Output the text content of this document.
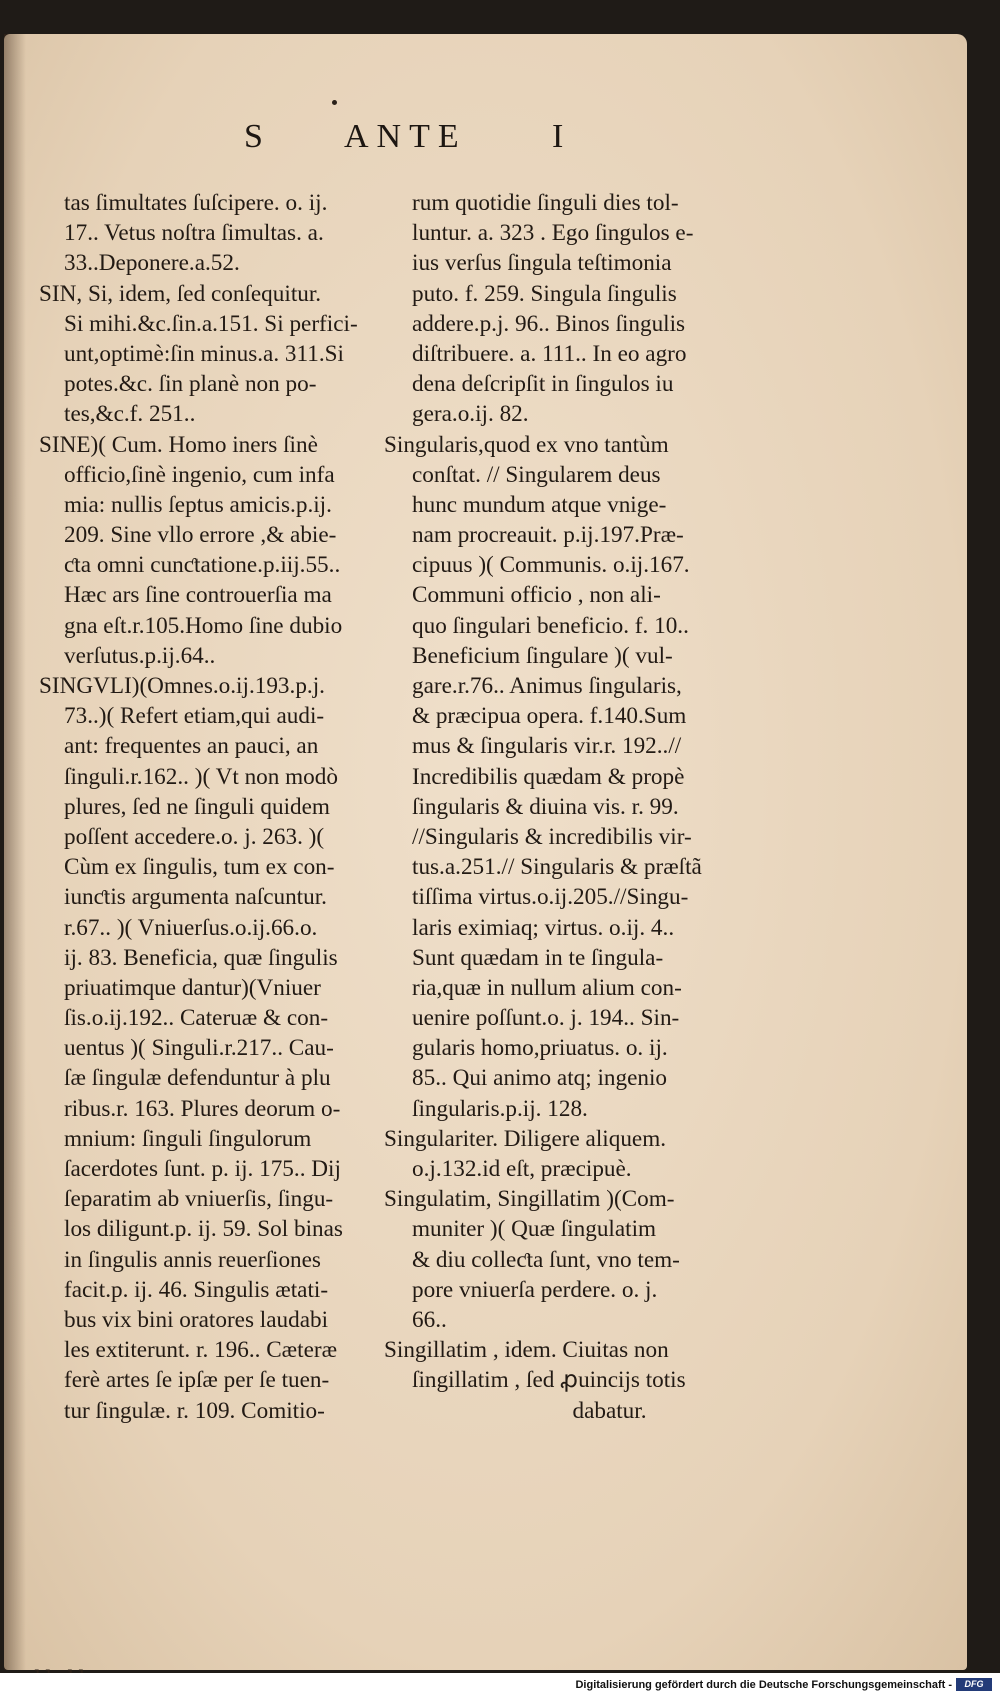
S ANTE	I
tas ſimultates ſuſcipere. o. ij.
17.. Vetus noſtra ſimultas. a.
33..Deponere.a.52.
SIN, Si, idem, ſed conſequitur.
Si mihi.&c.ſin.a.151. Si perfici-
unt,optimè:ſin minus.a. 311.Si
potes.&c. ſin planè non po-
tes,&c.f. 251..
SINE)( Cum. Homo iners ſinè
officio,ſinè ingenio, cum infa
mia: nullis ſeptus amicis.p.ij.
209. Sine vllo errore ,& abie-
ƈta omni cunƈtatione.p.iij.55..
Hæc ars ſine controuerſia ma
gna eſt.r.105.Homo ſine dubio
verſutus.p.ij.64..
SINGVLI)(Omnes.o.ij.193.p.j.
73..)( Refert etiam,qui audi-
ant: frequentes an pauci, an
ſinguli.r.162.. )( Vt non modò
plures, ſed ne ſinguli quidem
poſſent accedere.o. j. 263. )(
Cùm ex ſingulis, tum ex con-
iunƈtis argumenta naſcuntur.
r.67.. )( Vniuerſus.o.ij.66.o.
ij. 83. Beneficia, quæ ſingulis
priuatimque dantur)(Vniuer
ſis.o.ij.192.. Cateruæ & con-
uentus )( Singuli.r.217.. Cau-
ſæ ſingulæ defenduntur à plu
ribus.r. 163. Plures deorum o-
mnium: ſinguli ſingulorum
ſacerdotes ſunt. p. ij. 175.. Dij
ſeparatim ab vniuerſis, ſingu-
los diligunt.p. ij. 59. Sol binas
in ſingulis annis reuerſiones
facit.p. ij. 46. Singulis ætati-
bus vix bini oratores laudabi
les extiterunt. r. 196.. Cæteræ
ferè artes ſe ipſæ per ſe tuen-
tur ſingulæ. r. 109. Comitio-
rum quotidie ſinguli dies tol-
luntur. a. 323 . Ego ſingulos e-
ius verſus ſingula teſtimonia
puto. f. 259. Singula ſingulis
addere.p.j. 96.. Binos ſingulis
diſtribuere. a. 111.. In eo agro
dena deſcripſit in ſingulos iu
gera.o.ij. 82.
Singularis,quod ex vno tantùm
conſtat. // Singularem deus
hunc mundum atque vnige-
nam procreauit. p.ij.197.Præ-
cipuus )( Communis. o.ij.167.
Communi officio , non ali-
quo ſingulari beneficio. f. 10..
Beneficium ſingulare )( vul-
gare.r.76.. Animus ſingularis,
& præcipua opera. f.140.Sum
mus & ſingularis vir.r. 192..//
Incredibilis quædam & propè
ſingularis & diuina vis. r. 99.
//Singularis & incredibilis vir-
tus.a.251.// Singularis & præſtã
tiſſima virtus.o.ij.205.//Singu-
laris eximiaq; virtus. o.ij. 4..
Sunt quædam in te ſingula-
ria,quæ in nullum alium con-
uenire poſſunt.o. j. 194.. Sin-
gularis homo,priuatus. o. ij.
85.. Qui animo atq; ingenio
ſingularis.p.ij. 128.
Singulariter. Diligere aliquem.
o.j.132.id eſt, præcipuè.
Singulatim, Singillatim )(Com-
muniter )( Quæ ſingulatim
& diu colleƈta ſunt, vno tem-
pore vniuerſa perdere. o. j.
66..
Singillatim , idem. Ciuitas non
ſingillatim , ſed ꝓuincijs totis
dabatur.
Digitalisierung gefördert durch die Deutsche Forschungsgemeinschaft -	DFG
